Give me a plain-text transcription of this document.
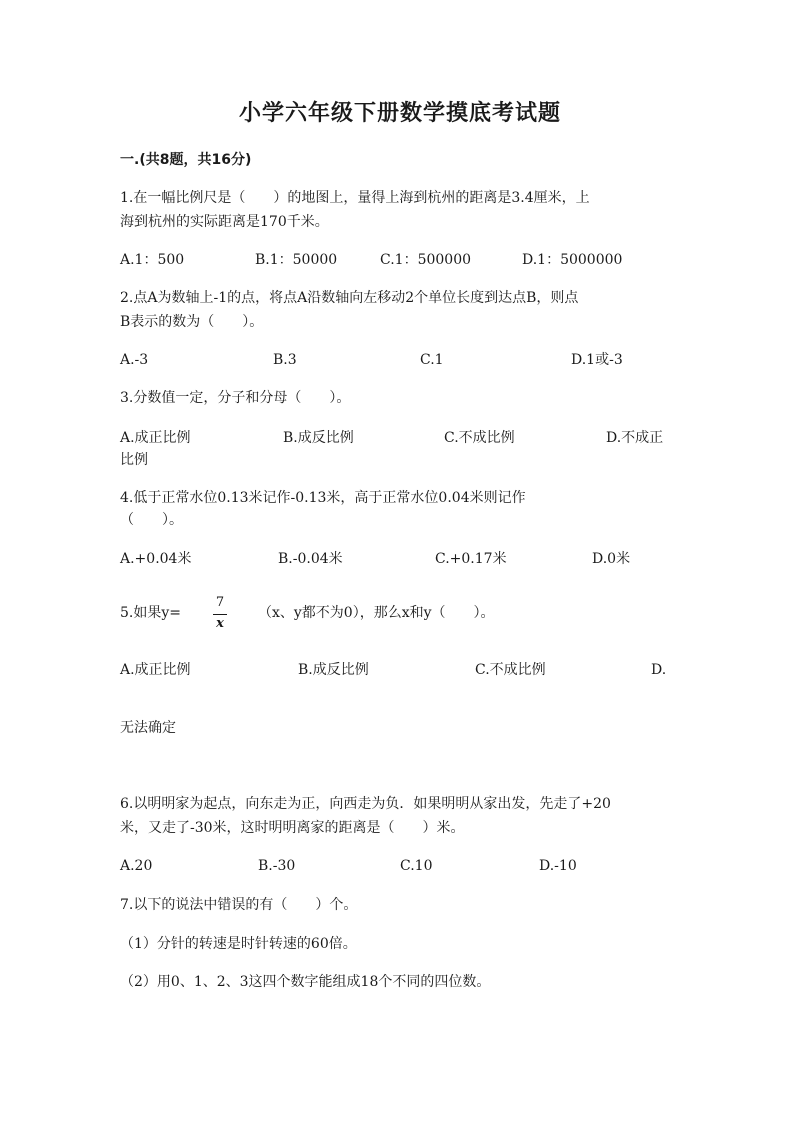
小学六年级下册数学摸底考试题
一.(共8题，共16分)
1.在一幅比例尺是（　　）的地图上，量得上海到杭州的距离是3.4厘米，上
海到杭州的实际距离是170千米。
A.1：500	B.1：50000	C.1：500000	D.1：5000000
2.点A为数轴上-1的点，将点A沿数轴向左移动2个单位长度到达点B，则点
B表示的数为（　　）。
A.-3	B.3	C.1	D.1或-3
3.分数值一定，分子和分母（　　）。
A.成正比例	B.成反比例	C.不成比例	D.不成正
比例
4.低于正常水位0.13米记作-0.13米，高于正常水位0.04米则记作
（　　）。
A.+0.04米	B.-0.04米	C.+0.17米	D.0米
5.如果y=
7
x
（x、y都不为0），那么x和y（　　）。
A.成正比例	B.成反比例	C.不成比例	D.
无法确定
6.以明明家为起点，向东走为正，向西走为负．如果明明从家出发，先走了+20
米，又走了-30米，这时明明离家的距离是（　　）米。
A.20	B.-30	C.10	D.-10
7.以下的说法中错误的有（　　）个。
（1）分针的转速是时针转速的60倍。
（2）用0、1、2、3这四个数字能组成18个不同的四位数。
